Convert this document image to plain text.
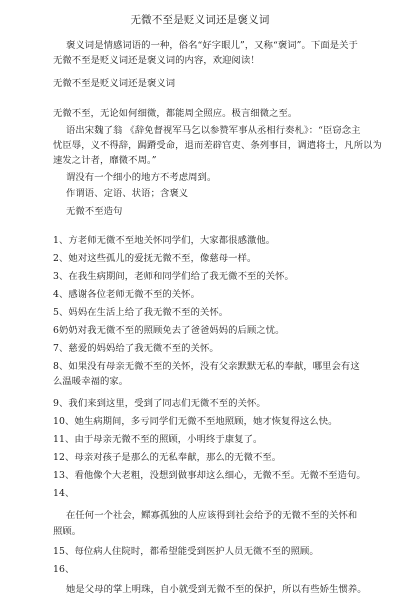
无微不至是贬义词还是褒义词
褒义词是情感词语的一种，俗名“好字眼儿”，又称“褒词”。下面是关于
无微不至是贬义词还是褒义词的内容，欢迎阅读！
无微不至是贬义词还是褒义词
无微不至，无论如何细微，都能周全照应。极言细微之至。
语出宋魏了翁 《辞免督视军马乞以参赞军事从丞相行奏札》：“臣窃念主
忧臣辱，义不得辞，跼蹐受命，退而差辟官吏、条列事目，调遣将士，凡所以为
速发之计者，靡微不周。”
谓没有一个细小的地方不考虑周到。
作谓语、定语、状语；含褒义
无微不至造句
1、方老师无微不至地关怀同学们，大家都很感激他。
2、她对这些孤儿的爱抚无微不至，像慈母一样。
3、在我生病期间，老师和同学们给了我无微不至的关怀。
4、感谢各位老师无微不至的关怀。
5、妈妈在生活上给了我无微不至的关怀。
6奶奶对我无微不至的照顾免去了爸爸妈妈的后顾之忧。
7、慈爱的妈妈给了我无微不至的关怀。
8、如果没有母亲无微不至的关怀，没有父亲默默无私的奉献，哪里会有这
么温暖幸福的家。
9、我们来到这里，受到了同志们无微不至的关怀。
10、她生病期间，多亏同学们无微不至地照顾，她才恢复得这么快。
11、由于母亲无微不至的照顾，小明终于康复了。
12、母亲对孩子是那么的无私奉献，那么的无微不至。
13、看他像个大老粗，没想到做事却这么细心，无微不至。无微不至造句。
14、
在任何一个社会，鳏寡孤独的人应该得到社会给予的无微不至的关怀和
照顾。
15、每位病人住院时，都希望能受到医护人员无微不至的照顾。
16、
她是父母的掌上明珠，自小就受到无微不至的保护，所以有些娇生惯养。
